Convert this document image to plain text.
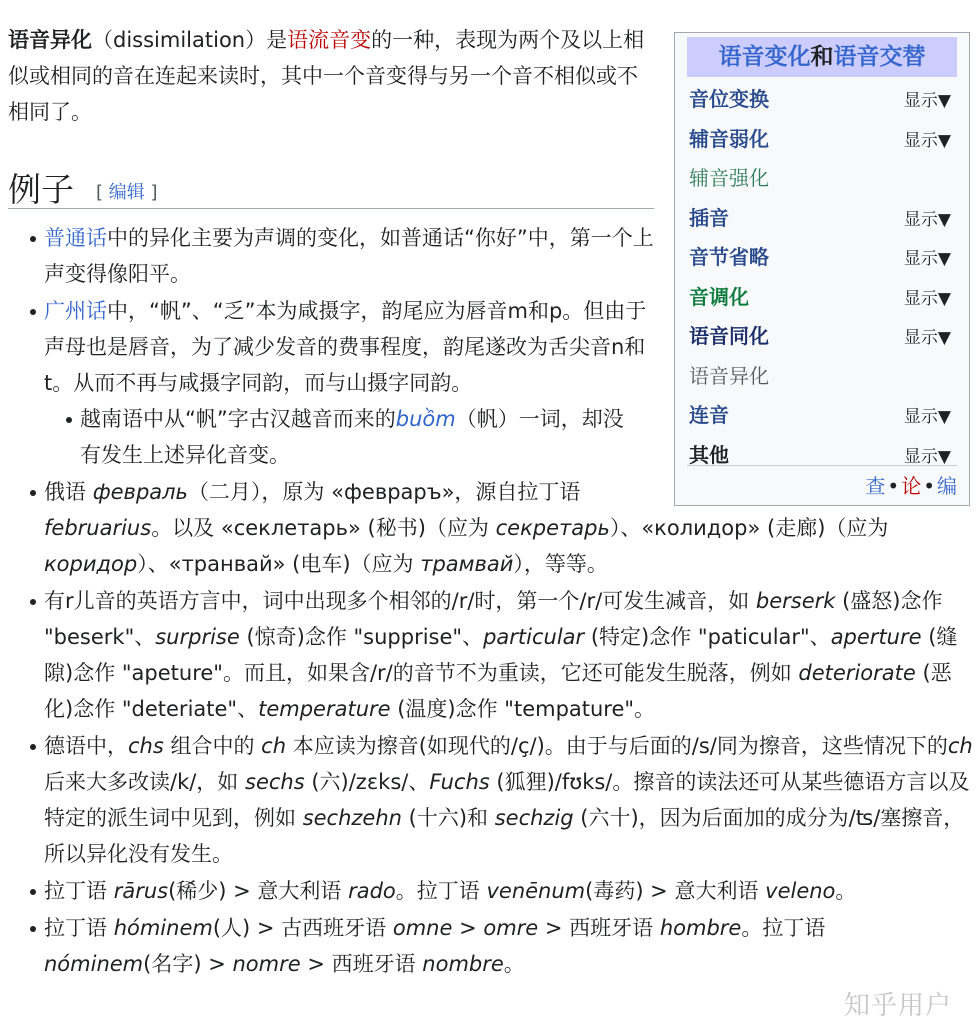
语音异化（dissimilation）是语流音变的一种，表现为两个及以上相似或相同的音在连起来读时，其中一个音变得与另一个音不相似或不相同了。

例子 [ 编辑 ]
语音变化和语音交替
音位变换	显示▼
辅音弱化	显示▼
辅音强化
插音	显示▼
音节省略	显示▼
音调化	显示▼
语音同化	显示▼
语音异化
连音	显示▼
其他	显示▼
查 • 论 • 编
普通话中的异化主要为声调的变化，如普通话“你好”中，第一个上声变得像阳平。
广州话中，“帆”、“乏”本为咸摄字，韵尾应为唇音m和p。但由于声母也是唇音，为了减少发音的费事程度，韵尾遂改为舌尖音n和t。从而不再与咸摄字同韵，而与山摄字同韵。
越南语中从“帆”字古汉越音而来的buồm（帆）一词，却没有发生上述异化音变。
俄语 февраль（二月），原为 «февраръ»，源自拉丁语
februarius。以及 «секлетарь» (秘书)（应为 секретарь）、«колидор» (走廊)（应为 коридор）、«транвай» (电车)（应为 трамвай），等等。
有r儿音的英语方言中，词中出现多个相邻的/r/时，第一个/r/可发生减音，如 berserk (盛怒)念作 "beserk"、surprise (惊奇)念作 "supprise"、particular (特定)念作 "paticular"、aperture (缝隙)念作 "apeture"。而且，如果含/r/的音节不为重读，它还可能发生脱落，例如 deteriorate (恶化)念作 "deteriate"、temperature (温度)念作 "tempature"。
德语中，chs 组合中的 ch 本应读为擦音(如现代的/ç/)。由于与后面的/s/同为擦音，这些情况下的ch后来大多改读/k/，如 sechs (六)/zɛks/、Fuchs (狐狸)/fʊks/。擦音的读法还可从某些德语方言以及特定的派生词中见到，例如 sechzehn (十六)和 sechzig (六十)，因为后面加的成分为/ʦ/塞擦音，所以异化没有发生。
拉丁语 rārus(稀少) > 意大利语 rado。拉丁语 venēnum(毒药) > 意大利语 veleno。
拉丁语 hóminem(人) > 古西班牙语 omne > omre > 西班牙语 hombre。拉丁语 nóminem(名字) > nomre > 西班牙语 nombre。
知乎用户
